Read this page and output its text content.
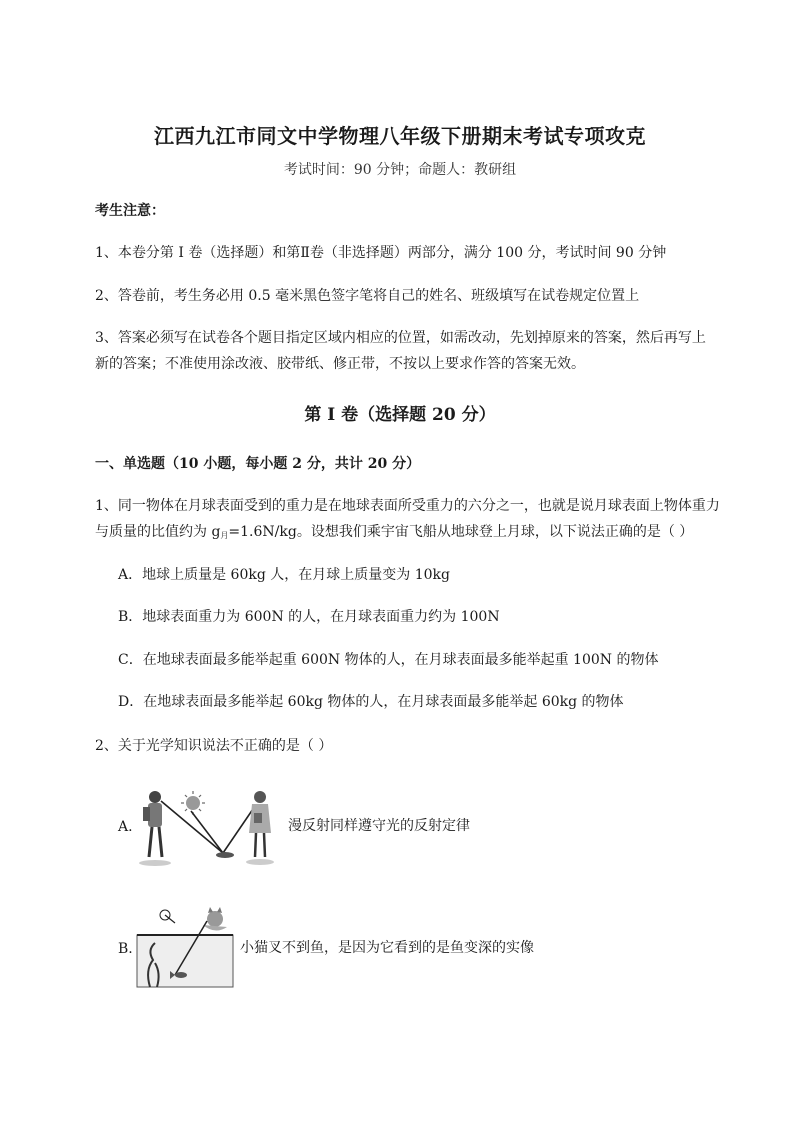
江西九江市同文中学物理八年级下册期末考试专项攻克
考试时间：90 分钟；命题人：教研组
考生注意：
1、本卷分第 I 卷（选择题）和第Ⅱ卷（非选择题）两部分，满分 100 分，考试时间 90 分钟
2、答卷前，考生务必用 0.5 毫米黑色签字笔将自己的姓名、班级填写在试卷规定位置上
3、答案必须写在试卷各个题目指定区域内相应的位置，如需改动，先划掉原来的答案，然后再写上新的答案；不准使用涂改液、胶带纸、修正带，不按以上要求作答的答案无效。
第 I 卷（选择题 20 分）
一、单选题（10 小题，每小题 2 分，共计 20 分）
1、同一物体在月球表面受到的重力是在地球表面所受重力的六分之一，也就是说月球表面上物体重力
与质量的比值约为 $g_月=1.6N/kg$。设想我们乘宇宙飞船从地球登上月球，以下说法正确的是（ ）
A．地球上质量是 60kg 人，在月球上质量变为 10kg
B．地球表面重力为 600N 的人，在月球表面重力约为 100N
C．在地球表面最多能举起重 600N 物体的人，在月球表面最多能举起重 100N 的物体
D．在地球表面最多能举起 60kg 物体的人，在月球表面最多能举起 60kg 的物体
2、关于光学知识说法不正确的是（ ）
A.	漫反射同样遵守光的反射定律
B.	小猫叉不到鱼，是因为它看到的是鱼变深的实像
